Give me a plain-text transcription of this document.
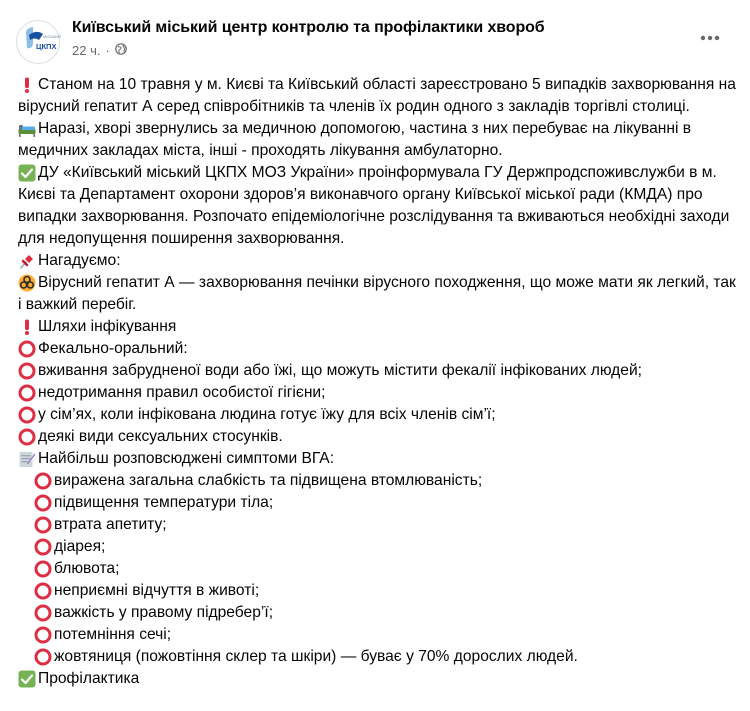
МІСЬКИЙ
ЦКПХ
Київський міський центр контролю та профілактики хвороб
22 ч. ·
Станом на 10 травня у м. Києві та Київський області зареєстровано 5 випадків захворювання на вірусний гепатит А серед співробітників та членів їх родин одного з закладів торгівлі столиці.
Наразі, хворі звернулись за медичною допомогою, частина з них перебуває на лікуванні в медичних закладах міста, інші - проходять лікування амбулаторно.
ДУ «Київський міський ЦКПХ МОЗ України» проінформувала ГУ Держпродспоживслужби в м. Києві та Департамент охорони здоров’я виконавчого органу Київської міської ради (КМДА) про випадки захворювання. Розпочато епідеміологічне розслідування та вживаються необхідні заходи для недопущення поширення захворювання.
Нагадуємо:
Вірусний гепатит А — захворювання печінки вірусного походження, що може мати як легкий, так і важкий перебіг.
Шляхи інфікування
Фекально-оральний:
вживання забрудненої води або їжі, що можуть містити фекалії інфікованих людей;
недотримання правил особистої гігієни;
у сім’ях, коли інфікована людина готує їжу для всіх членів сім’ї;
деякі види сексуальних стосунків.
Найбільш розповсюджені симптоми ВГА:
виражена загальна слабкість та підвищена втомлюваність;
підвищення температури тіла;
втрата апетиту;
діарея;
блювота;
неприємні відчуття в животі;
важкість у правому підребер’ї;
потемніння сечі;
жовтяниця (пожовтіння склер та шкіри) — буває у 70% дорослих людей.
Профілактика
